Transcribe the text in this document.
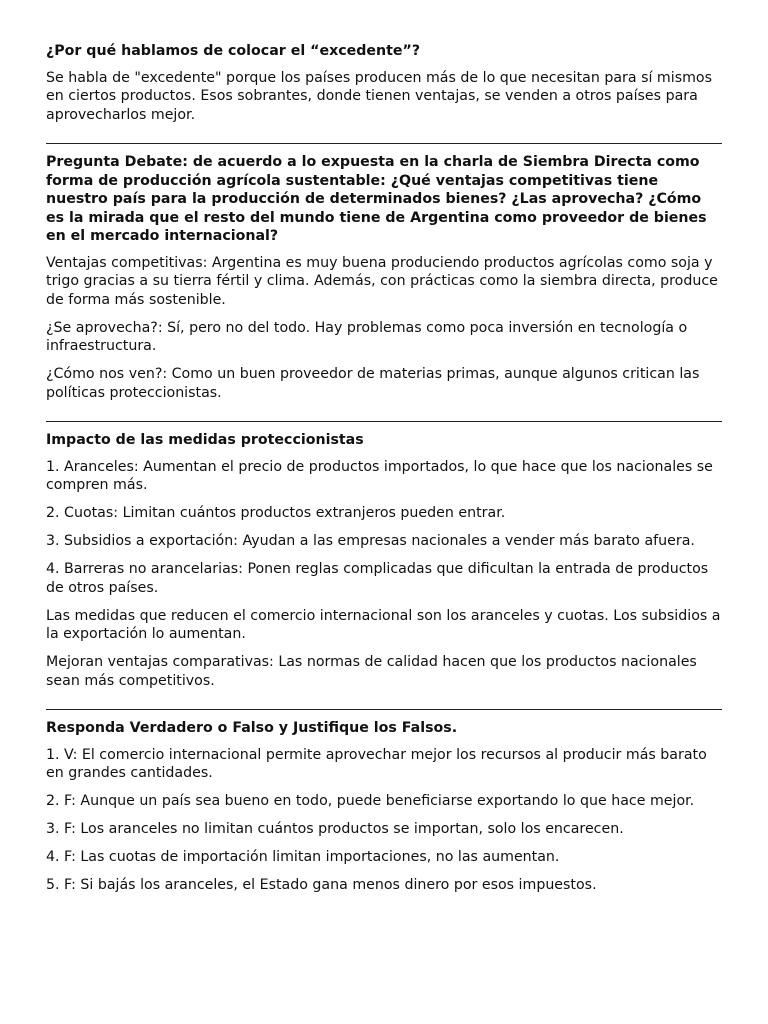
¿Por qué hablamos de colocar el “excedente”?
Se habla de "excedente" porque los países producen más de lo que necesitan para sí mismos en ciertos productos. Esos sobrantes, donde tienen ventajas, se venden a otros países para aprovecharlos mejor.
Pregunta Debate: de acuerdo a lo expuesta en la charla de Siembra Directa como forma de producción agrícola sustentable: ¿Qué ventajas competitivas tiene nuestro país para la producción de determinados bienes? ¿Las aprovecha? ¿Cómo es la mirada que el resto del mundo tiene de Argentina como proveedor de bienes en el mercado internacional?
Ventajas competitivas: Argentina es muy buena produciendo productos agrícolas como soja y trigo gracias a su tierra fértil y clima. Además, con prácticas como la siembra directa, produce de forma más sostenible.
¿Se aprovecha?: Sí, pero no del todo. Hay problemas como poca inversión en tecnología o infraestructura.
¿Cómo nos ven?: Como un buen proveedor de materias primas, aunque algunos critican las políticas proteccionistas.
Impacto de las medidas proteccionistas
1. Aranceles: Aumentan el precio de productos importados, lo que hace que los nacionales se compren más.
2. Cuotas: Limitan cuántos productos extranjeros pueden entrar.
3. Subsidios a exportación: Ayudan a las empresas nacionales a vender más barato afuera.
4. Barreras no arancelarias: Ponen reglas complicadas que dificultan la entrada de productos de otros países.
Las medidas que reducen el comercio internacional son los aranceles y cuotas. Los subsidios a la exportación lo aumentan.
Mejoran ventajas comparativas: Las normas de calidad hacen que los productos nacionales sean más competitivos.
Responda Verdadero o Falso y Justifique los Falsos.
1. V: El comercio internacional permite aprovechar mejor los recursos al producir más barato en grandes cantidades.
2. F: Aunque un país sea bueno en todo, puede beneficiarse exportando lo que hace mejor.
3. F: Los aranceles no limitan cuántos productos se importan, solo los encarecen.
4. F: Las cuotas de importación limitan importaciones, no las aumentan.
5. F: Si bajás los aranceles, el Estado gana menos dinero por esos impuestos.
